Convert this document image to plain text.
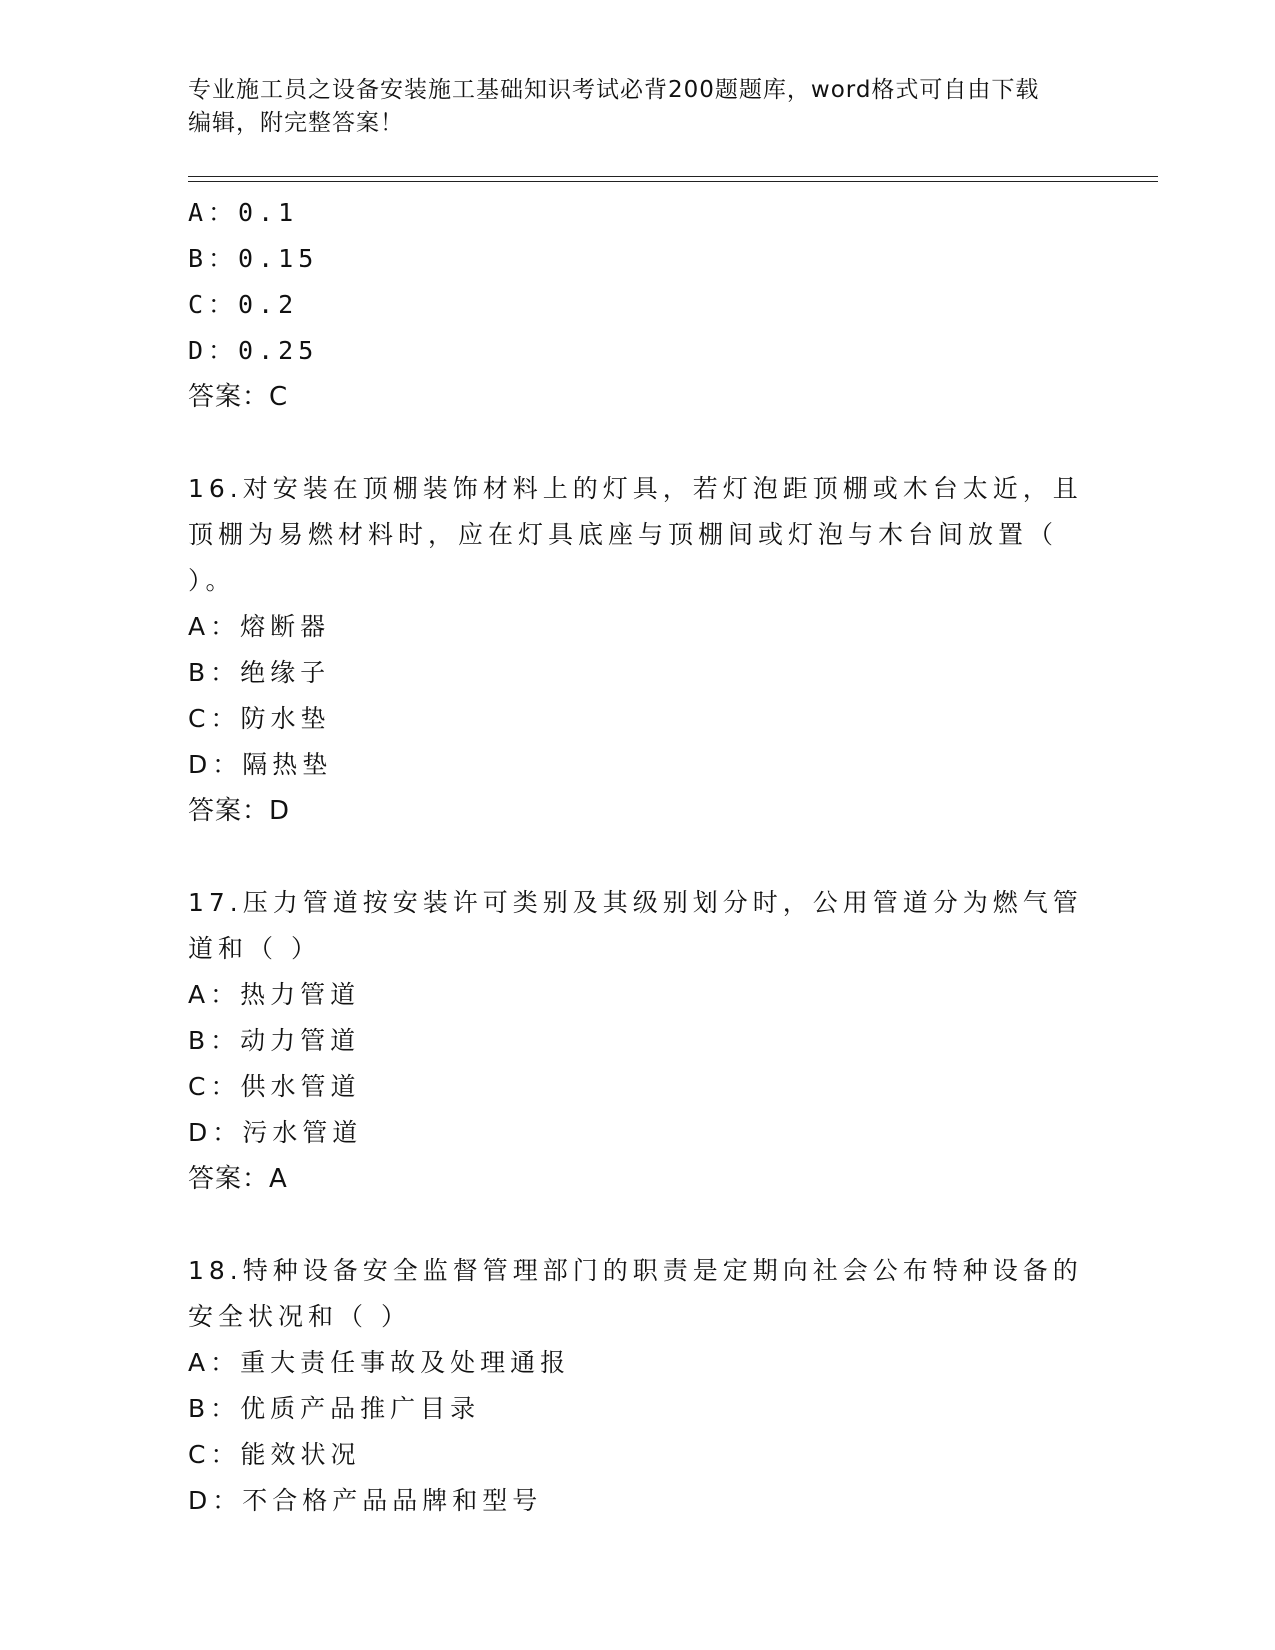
专业施工员之设备安装施工基础知识考试必背200题题库，word格式可自由下载
编辑，附完整答案！
A：0.1
B：0.15
C：0.2
D：0.25
答案：C
16.对安装在顶棚装饰材料上的灯具，若灯泡距顶棚或木台太近，且顶棚为易燃材料时，应在灯具底座与顶棚间或灯泡与木台间放置（ ）。
A：熔断器
B：绝缘子
C：防水垫
D：隔热垫
答案：D
17.压力管道按安装许可类别及其级别划分时，公用管道分为燃气管道和（ ）
A：热力管道
B：动力管道
C：供水管道
D：污水管道
答案：A
18.特种设备安全监督管理部门的职责是定期向社会公布特种设备的安全状况和（ ）
A：重大责任事故及处理通报
B：优质产品推广目录
C：能效状况
D：不合格产品品牌和型号
